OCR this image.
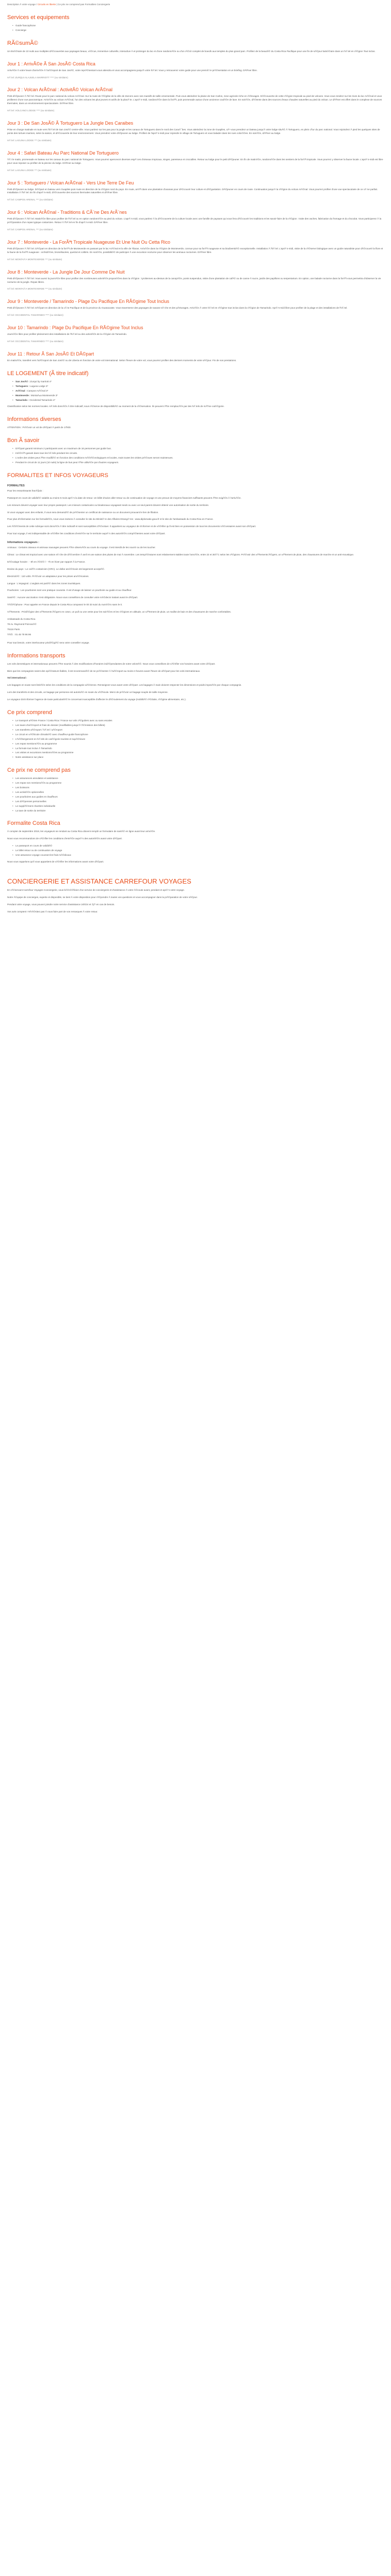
Description Ã votre voyage / Circuits en liberte | Ce prix ne comprend pas Formalites Conciergerie
Services et equipements
• Guide francophone
• Concierge
RÃ©sumÃ©

Un itinÃ©raire de 10 nuits aux multiples dÃ©couvertes aux paysages beaux, vÃ©cus, immersive culturelle, interactive Ã et prolonger du lac et d'une randonnÃ©e ou d'un rÃ©cit complet de boeufs aux temples du plus grand parc. Profitez de la beautÃ© du Costa Rica Pacifique pour une fin de sÃ©jour balnÃ©aire dans un hÃ´tel en rÃ©gion Tout inclus.

Jour 1 : ArrivÃ©e Ã San JosÃ© Costa Rica

ArrivÃ©e Ã votre heure d'arrivÃ©e Ã l'aÃ©roport de San JosÃ©, votre reprÃ©sentant vous attendra et vous accompagnera jusqu'Ã votre hÃ´tel. Vous y retrouverez votre guide pour une premiÃ¨re prÃ©sentation et un briefing. DÃ®ner libre.

HÃ´tel: ZURQUI ALAJUELA MARRIOTT **** (ou similaire)
Jour 2 : Volcan ArÃ©nal : ActivitÃ© Volcan ArÃ©nal

Petit dÃ©jeuner Ã l'hÃ´tel. Route pour le parc national du volcan ArÃ©nal. Sur la route de l'Ã©glise de la ville de Zarcero avec ses massifs de taille ornementale. Puis vous atteindrez la plaine de San Carlos, zone agricole riche en Ã©levages. DÃ©couverte de cette rÃ©gion tropicale au pied de volcans. Vous vous rendrez sur les rives du lac ArÃ©nal et vous profiterez d'une vue panoramique. ArrivÃ©e au volcan ArÃ©nal, l'un des volcans les plus jeunes et actifs de la planÃ¨te. L'aprÃ¨s-midi, randonnÃ©e dans la forÃªt, puis promenade autour d'une ancienne coulÃ©e de lave. En soirÃ©e, dÃ©tente dans des sources d'eaux chaudes naturelles au pied du volcan. Le dÃ®ner est offert dans le complexe de sources thermales, dans un environnement spectaculaire. DÃ®ner libre.

HÃ´tel: VOLCANO LODGE **** (ou similaire)
Jour 3 : De San JosÃ© Ã Tortuguero La Jungle Des Caraibes

Prise en charge matinale et route vers l'hÃ´tel de San JosÃ© centre-ville. Vous partirez sur les pas pour la jungle et les canaux de Tortuguero dans le nord des CaraÃ¯bes. Vous atteindrez la zone de Guapiles, oÃ¹ vous prendrez un bateau jusqu'Ã votre lodge situÃ© Ã Tortuguero, en plein cÅur du parc national. Vous rejoindrez Ã pied les quelques sites de ponte des tortues marines, selon la saison, et dÃ©couverte de leur environnement. Vous prendrez votre dÃ©jeuner au lodge. Profitez de l'aprÃ¨s-midi pour rejoindre le village de Tortuguero et vous balader dans les rues colorÃ©es. En soirÃ©e, dÃ®ner au lodge.

HÃ´tel: LAGUNA LODGE *** (ou similaire)
Jour 4 : Safari Bateau Au Parc National De Tortuguero

TÃ´t le matin, promenade en bateau sur les canaux du parc national de Tortuguero. Vous pourrez apercevoir diverses espÃ¨ces d'oiseaux tropicaux, singes, paresseux et crocodiles. Retour au lodge pour le petit dÃ©jeuner. En fin de matinÃ©e, randonnÃ©e dans les sentiers de la forÃªt tropicale. Vous pourrez y observer la faune locale. L'aprÃ¨s-midi est libre pour vous reposer ou profiter de la piscine du lodge. DÃ®ner au lodge.

HÃ´tel: LAGUNA LODGE *** (ou similaire)
Jour 5 : Tortuguero / Volcan ArÃ©nal - Vers Une Terre De Feu

Petit dÃ©jeuner au lodge. DÃ©part en bateau vers Guapiles puis route en direction de la rÃ©gion nord du pays. En route, arrÃªt dans une plantation d'ananas pour dÃ©couvrir leur culture et dÃ©gustation. DÃ©jeuner en cours de route. Continuation jusqu'Ã la rÃ©gion du volcan ArÃ©nal. Vous pourrez profiter d'une vue spectaculaire de ce cÃ´ne parfait. Installation Ã l'hÃ´tel. En fin d'aprÃ¨s-midi, dÃ©couverte des sources thermales naturelles et dÃ®ner libre.

HÃ´tel: CAMPOS ARENAL *** (ou similaire)
Jour 6 : Volcan ArÃ©nal - Traditions & CÃ¨ne Des ArÃ¨nes

Petit dÃ©jeuner Ã l'hÃ´tel. MatinÃ©e libre pour profiter de l'hÃ´tel ou en option randonnÃ©e au pied du volcan. L'aprÃ¨s-midi, vous partirez Ã la dÃ©couverte de la culture locale avec une famille de paysans qui vous fera dÃ©couvrir les traditions et les savoir-faire de la rÃ©gion : traite des vaches, fabrication du fromage et du chocolat. Vous participerez Ã la prÃ©paration d'un repas typique costaricien. Retour Ã l'hÃ´tel en fin d'aprÃ¨s-midi. DÃ®ner libre.

HÃ´tel: CAMPOS ARENAL *** (ou similaire)
Jour 7 : Monteverde - La ForÃªt Tropicale Nuageuse Et Une Nuit Ou Cetta Rico

Petit dÃ©jeuner Ã l'hÃ´tel. DÃ©part en direction de la forÃªt de Monteverde en passant par le lac ArÃ©nal et la ville de Tilaran. ArrivÃ©e dans la rÃ©gion de Monteverde, connue pour sa forÃªt nuageuse et sa biodiversitÃ© exceptionnelle. Installation Ã l'hÃ´tel. L'aprÃ¨s-midi, visite de la rÃ©serve biologique avec un guide naturaliste pour dÃ©couvrir la flore et la faune de la forÃªt nuageuse : orchidÃ©es, broméliacées, quetzal et colibris. En soirÃ©e, possibilitÃ© de participer Ã une excursion nocturne pour observer les animaux nocturnes. DÃ®ner libre.

HÃ´tel: MONTAÃ'A MONTEVERDE *** (ou similaire)
Jour 8 : Monteverde - La Jungle De Jour Comme De Nuit

Petit dÃ©jeuner Ã l'hÃ´tel. Vous aurez la journÃ©e libre pour profiter des nombreuses activitÃ©s proposÃ©es dans la rÃ©gion : tyroliennes au-dessus de la canopÃ©e, ponts suspendus, visite d'une plantation de cafÃ© ou de canne Ã sucre, jardin des papillons ou serpentarium. En option, une balade nocturne dans la forÃªt vous permettra d'observer la vie nocturne de la jungle. Repas libres.

HÃ´tel: MONTAÃ'A MONTEVERDE *** (ou similaire)
Jour 9 : Monteverde / Tamarindo - Plage Du Pacifique En RÃ©gime Tout Inclus

Petit dÃ©jeuner Ã l'hÃ´tel. DÃ©part en direction de la cÃ´te Pacifique et de la province du Guanacaste. Vous traverserez des paysages de savane sÃ¨che et des pÃ¢turages. ArrivÃ©e Ã votre hÃ´tel en rÃ©gime tout inclus dans la rÃ©gion de Tamarindo. AprÃ¨s-midi libre pour profiter de la plage et des installations de l'hÃ´tel.

HÃ´tel: OCCIDENTAL TAMARINDO **** (ou similaire)
Jour 10 : Tamarindo : Plage Du Pacifique En RÃ©gime Tout Inclus

JournÃ©e libre pour profiter pleinement des installations de l'hÃ´tel ou des activitÃ©s de la rÃ©gion de Tamarindo.

HÃ´tel: OCCIDENTAL TAMARINDO **** (ou similaire)
Jour 11 : Retour Ã San JosÃ© Et DÃ©part

En matinÃ©e, transfert vers l'aÃ©roport de San JosÃ© ou de Liberia en fonction de votre vol international. Selon l'heure de votre vol, vous pourrez profiter des derniers moments de votre sÃ©jour. Fin de nos prestations.

LE LOGEMENT (Ã titre indicatif)
• San JosÃ© : Zurqui by marriott 4*
• Tortuguero : Laguna Lodge 3*
• ArÃ©nal : Campos ArÃ©nal 3*
• Monteverde : MontaÃ±a Monteverde 3*
• Tamarindo : Occidental Tamarindo 4*

Classification selon les normes locales. HÃ´tels donnÃ©s Ã titre indicatif, sous rÃ©serve de disponibilitÃ© au moment de la rÃ©servation. Ils peuvent Ãªtre remplacÃ©s par des hÃ´tels de mÃªme catÃ©gorie.

Informations diverses

ATTENTION : PrÃ©voir un vol de dÃ©part Ã partir de 17h00.

Bon Ã savoir
• DÃ©part garanti minimum 2 participants avec un maximum de 16 personnes par guide bus.
• IntÃ©rÃªt garanti dans tous les hÃ´tels pendant les circuits.
• L'ordre des visites peut Ãªtre modifiÃ© en fonction des conditions mÃ©tÃ©orologiques et locales, mais toutes les visites prÃ©vues seront maintenues.
• Pendant le circuit de 11 jours (10 nuits) la ligne de bus peut Ãªtre utilisÃ©e par d'autres voyageurs.
FORMALITES ET INFOS VOYAGEURS
FORMALITES

Pour les ressortissants franÃ§ais :

Passeport en cours de validitÃ© valable au moins 6 mois aprÃ¨s la date de retour. Un billet d'avion aller-retour ou de continuation de voyage et une preuve de moyens financiers suffisants peuvent Ãªtre exigÃ©s Ã l'arrivÃ©e.

Les mineurs doivent voyager avec leur propre passeport. Les mineurs costaricains ou binationaux voyageant seuls ou avec un seul parent doivent obtenir une autorisation de sortie du territoire.

Si vous voyagez avec des enfants, il vous sera demandÃ© de prÃ©senter un certificat de naissance ou un document prouvant le lien de filiation.

Pour plus d'information sur les formalitÃ©s, nous vous invitons Ã consulter le site du MinistÃ¨re des Affaires EtrangÃ¨res : www.diplomatie.gouv.fr et le site de l'ambassade du Costa Rica en France.

Les Ã©lÃ©ments de cette rubrique sont donnÃ©s Ã titre indicatif et sont susceptibles d'Ã©voluer. Il appartient au voyageur de s'informer et de vÃ©rifier qu'il est bien en possession de tous les documents nÃ©cessaires avant son dÃ©part.

Pour tout voyage, il est indispensable de vÃ©rifier les conditions d'entrÃ©e sur le territoire auprÃ¨s des autoritÃ©s compÃ©tentes avant votre dÃ©part.

Informations voyageurs :

Animaux : Certains oiseaux et animaux sauvages peuvent Ãªtre observÃ©s au cours du voyage. Il est interdit de les nourrir ou de les toucher.

Climat : Le climat est tropical avec une saison sÃ¨che de dÃ©cembre Ã avril et une saison des pluies de mai Ã novembre. Les tempÃ©ratures sont relativement stables toute l'annÃ©e, entre 22 et 30Â°C selon les rÃ©gions. PrÃ©voir des vÃªtements lÃ©gers, un vÃªtement de pluie, des chaussures de marche et un anti-moustique.

DÃ©calage horaire : - 8h en Ã©tÃ© / - 7h en hiver par rapport Ã la France.

Devise du pays : Le colÃ³n costaricien (CRC). Le dollar amÃ©ricain est largement acceptÃ©.

ElectricitÃ© : 110 volts. PrÃ©voir un adaptateur pour les prises amÃ©ricaines.

Langue : L'espagnol. L'anglais est parlÃ© dans les zones touristiques.

Pourboires : Les pourboires sont une pratique courante. Il est d'usage de laisser un pourboire au guide et au chauffeur.

SantÃ© : Aucune vaccination n'est obligatoire. Nous vous conseillons de consulter votre mÃ©decin traitant avant le dÃ©part.

TÃ©lÃ©phone : Pour appeler en France depuis le Costa Rica composez le 00 33 suivi du numÃ©ro sans le 0.

VÃªtements : PrivilÃ©giez des vÃªtements lÃ©gers en coton, un pull ou une veste pour les soirÃ©es et les rÃ©gions en altitude, un vÃªtement de pluie, un maillot de bain et des chaussures de marche confortables.

Ambassade du Costa Rica
78 Av. Raymond PoincarÃ©
75116 Paris
TÃ©l. : 01 45 78 96 96

Pour tout besoin, votre interlocuteur privilÃ©giÃ© sera votre conseiller voyage.

Informations transports

Les vols domestiques et internationaux peuvent Ãªtre soumis Ã des modifications d'horaires indÃ©pendantes de notre volontÃ©. Nous vous conseillons de vÃ©rifier vos horaires avant votre dÃ©part.

Bien que les compagnies soient des opÃ©rateurs fiables, il est recommandÃ© de se prÃ©senter Ã l'aÃ©roport au moins 3 heures avant l'heure de dÃ©part pour les vols internationaux.

Vol international :

Les bagages en soute sont limitÃ©s selon les conditions de la compagnie aÃ©rienne. Renseignez-vous avant votre dÃ©part. Les bagages Ã main doivent respecter les dimensions et poids imposÃ©s par chaque compagnie.

Lors des transferts et des circuits, un bagage par personne est autorisÃ© en soute du vÃ©hicule. Merci de prÃ©voir un bagage souple de taille moyenne.

Le voyageur doit informer l'agence de toute particularitÃ© le concernant susceptible d'affecter le dÃ©roulement du voyage (mobilitÃ© rÃ©duite, rÃ©gime alimentaire, etc.).

Ce prix comprend
• Le transport aÃ©rien France / Costa Rica / France sur vols rÃ©guliers avec ou sans escales
• Les taxes d'aÃ©roport et frais de dossier (modifiables jusqu'Ã l'Ã©mission des billets)
• Les transferts aÃ©roport / hÃ´tel / aÃ©roport
• Le circuit en vÃ©hicule climatisÃ© avec chauffeur-guide francophone
• L'hÃ©bergement en hÃ´tels de catÃ©gorie touriste et supÃ©rieure
• Les repas mentionnÃ©s au programme
• La formule tout inclus Ã Tamarindo
• Les visites et excursions mentionnÃ©es au programme
• Notre assistance sur place
Ce prix ne comprend pas
• Les assurances annulation et assistance
• Les repas non mentionnÃ©s au programme
• Les boissons
• Les activitÃ©s optionnelles
• Les pourboires aux guides et chauffeurs
• Les dÃ©penses personnelles
• Le supplÃ©ment chambre individuelle
• La taxe de sortie du territoire
Formalite Costa Rica

Ã compter de septembre 2019, les voyageurs se rendant au Costa Rica doivent remplir un formulaire de santÃ© en ligne avant leur arrivÃ©e.

Nous vous recommandons de vÃ©rifier les conditions d'entrÃ©e auprÃ¨s des autoritÃ©s avant votre dÃ©part.

• Le passeport en cours de validitÃ©
• Le billet retour ou de continuation de voyage
• Une assurance voyage couvrant les frais mÃ©dicaux

Nous vous rappelons qu'il vous appartient de vÃ©rifier les informations avant votre dÃ©part.

CONCIERGERIE ET ASSISTANCE CARREFOUR VOYAGES

En rÃ©servant Carrefour Voyages Conciergerie, vous bÃ©nÃ©ficiez d'un service de conciergerie et d'assistance Ã votre Ã©coute avant, pendant et aprÃ¨s votre voyage.

Notre Ã©quipe de concierges, experte et disponible, se tient Ã votre disposition pour rÃ©pondre Ã toutes vos questions et vous accompagner dans la prÃ©paration de votre sÃ©jour.

Pendant votre voyage, vous pouvez joindre notre service d'assistance 24h/24 et 7j/7 en cas de besoin.

Vos avis comptent ! N'hÃ©sitez pas Ã nous faire part de vos remarques Ã votre retour.
